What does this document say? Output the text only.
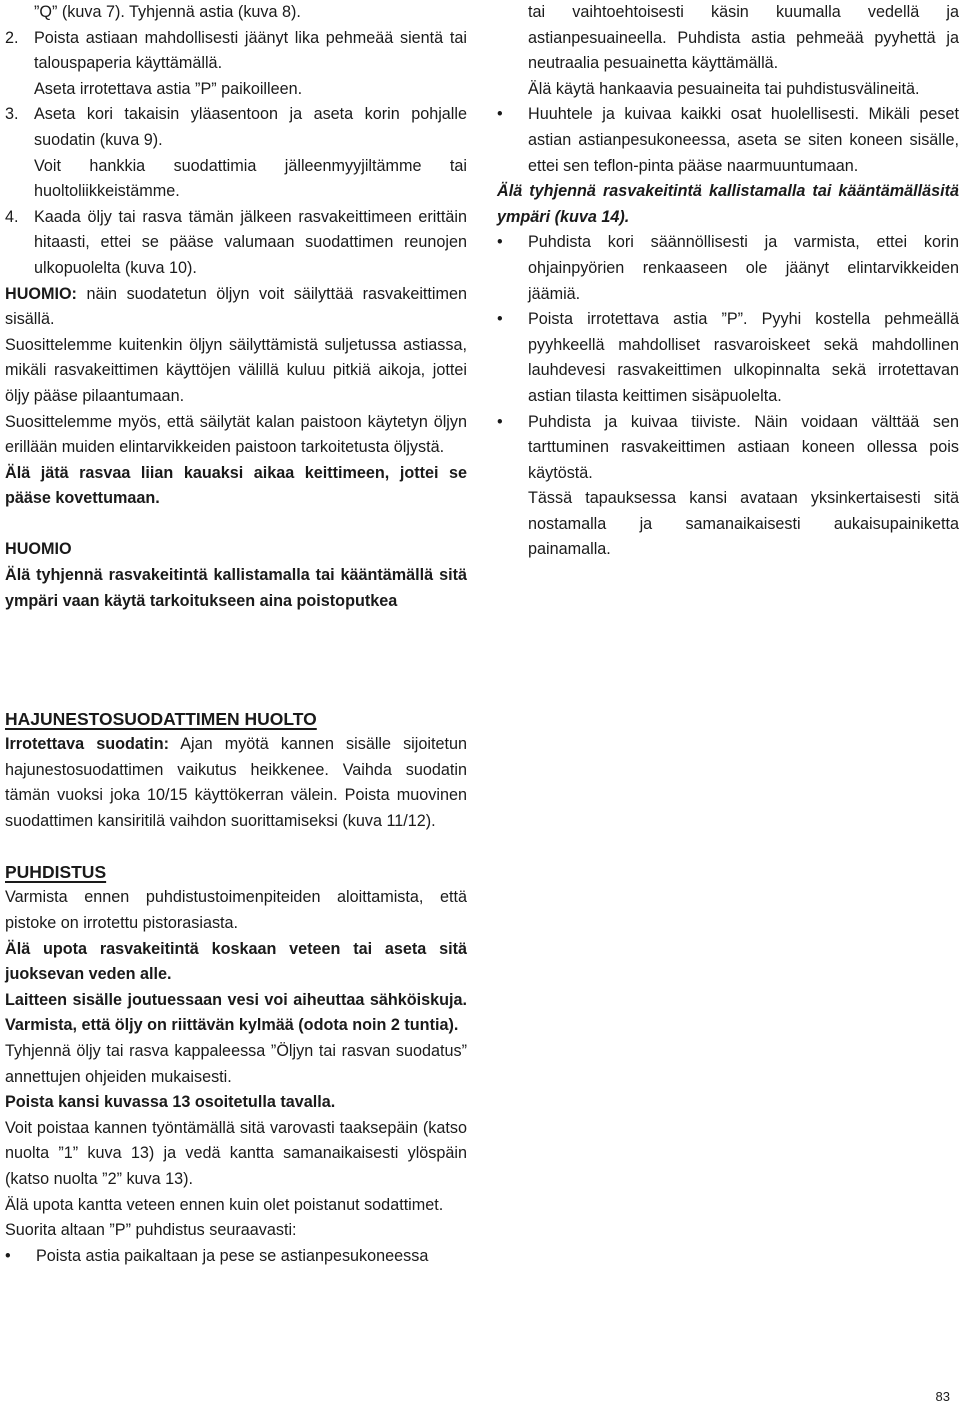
”Q” (kuva 7). Tyhjennä astia (kuva 8).

2. Poista astiaan mahdollisesti jäänyt lika pehmeää sientä tai talouspaperia käyttämällä.

Aseta irrotettava astia ”P” paikoilleen.

3. Aseta kori takaisin yläasentoon ja aseta korin pohjalle suodatin (kuva 9).

Voit hankkia suodattimia jälleenmyyjiltämme tai huoltoliikkeistämme.

4. Kaada öljy tai rasva tämän jälkeen rasvakeittimeen erittäin hitaasti, ettei se pääse valumaan suodattimen reunojen ulkopuolelta (kuva 10).

HUOMIO: näin suodatetun öljyn voit säilyttää rasvakeittimen sisällä.

Suosittelemme kuitenkin öljyn säilyttämistä suljetussa astiassa, mikäli rasvakeittimen käyttöjen välillä kuluu pitkiä aikoja, jottei öljy pääse pilaantumaan.

Suosittelemme myös, että säilytät kalan paistoon käytetyn öljyn erillään muiden elintarvikkeiden paistoon tarkoitetusta öljystä.

Älä jätä rasvaa liian kauaksi aikaa keittimeen, jottei se pääse kovettumaan.

HUOMIO

Älä tyhjennä rasvakeitintä kallistamalla tai kääntämällä sitä ympäri vaan käytä tarkoitukseen aina poistoputkea

tai vaihtoehtoisesti käsin kuumalla vedellä ja astianpesuaineella. Puhdista astia pehmeää pyyhettä ja neutraalia pesuainetta käyttämällä.

Älä käytä hankaavia pesuaineita tai puhdistusvälineitä.

•	Huuhtele ja kuivaa kaikki osat huolellisesti. Mikäli peset astian astianpesukoneessa, aseta se siten koneen sisälle, ettei sen teflon-pinta pääse naarmuuntumaan.

Älä tyhjennä rasvakeitintä kallistamalla tai kääntämälläsitä ympäri (kuva 14).

•	Puhdista kori säännöllisesti ja varmista, ettei korin ohjainpyörien renkaaseen ole jäänyt elintarvikkeiden jäämiä.
•	Poista irrotettava astia ”P”. Pyyhi kostella pehmeällä pyyhkeellä mahdolliset rasvaroiskeet sekä mahdollinen lauhdevesi rasvakeittimen ulkopinnalta sekä irrotettavan astian tilasta keittimen sisäpuolelta.
•	Puhdista ja kuivaa tiiviste. Näin voidaan välttää sen tarttuminen rasvakeittimen astiaan koneen ollessa pois käytöstä.

Tässä tapauksessa kansi avataan yksinkertaisesti sitä nostamalla ja samanaikaisesti aukaisupainiketta painamalla.

HAJUNESTOSUODATTIMEN HUOLTO

Irrotettava suodatin: Ajan myötä kannen sisälle sijoitetun hajunestosuodattimen vaikutus heikkenee. Vaihda suodatin tämän vuoksi joka 10/15 käyttökerran välein. Poista muovinen suodattimen kansiritilä vaihdon suorittamiseksi (kuva 11/12).

PUHDISTUS

Varmista ennen puhdistustoimenpiteiden aloittamista, että pistoke on irrotettu pistorasiasta.

Älä upota rasvakeitintä koskaan veteen tai aseta sitä juoksevan veden alle.

Laitteen sisälle joutuessaan vesi voi aiheuttaa sähköiskuja. Varmista, että öljy on riittävän kylmää (odota noin 2 tuntia).

Tyhjennä öljy tai rasva kappaleessa ”Öljyn tai rasvan suodatus” annettujen ohjeiden mukaisesti.

Poista kansi kuvassa 13 osoitetulla tavalla.

Voit poistaa kannen työntämällä sitä varovasti taaksepäin (katso nuolta ”1” kuva 13) ja vedä kantta samanaikaisesti ylöspäin (katso nuolta ”2” kuva 13).

Älä upota kantta veteen ennen kuin olet poistanut sodattimet.

Suorita altaan ”P” puhdistus seuraavasti:

•	Poista astia paikaltaan ja pese se astianpesukoneessa
83
